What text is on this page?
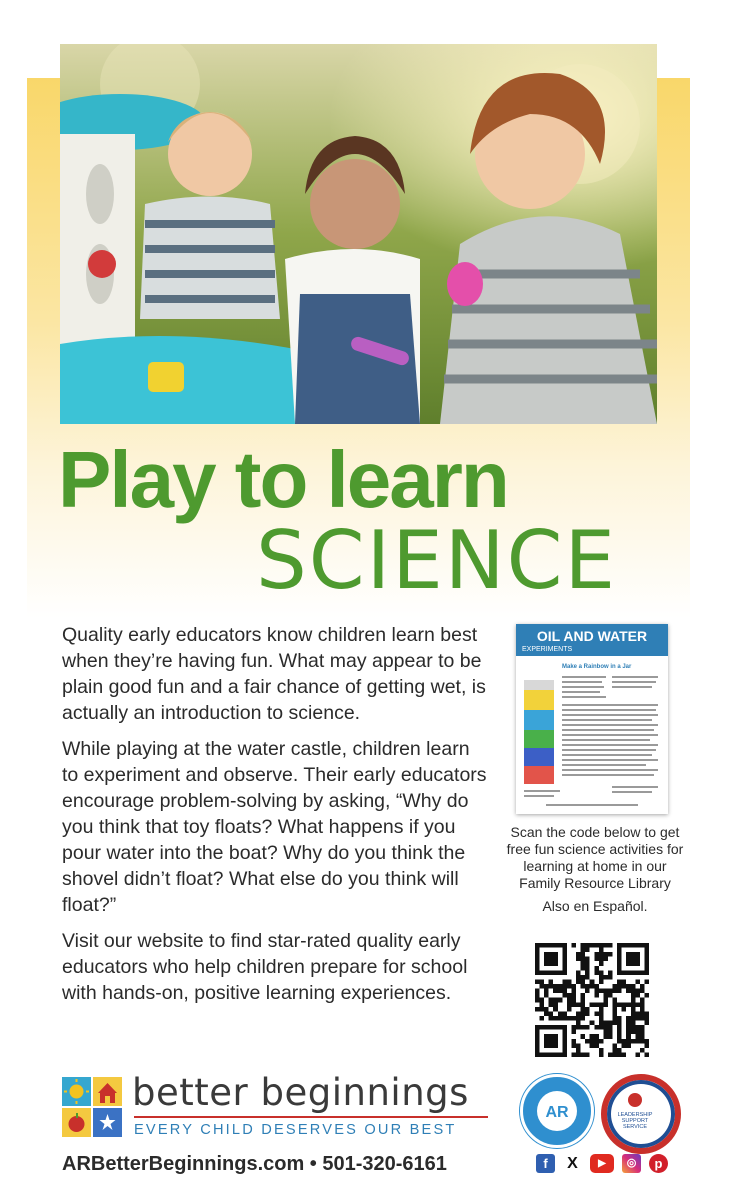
Play to learn
SCIENCE

Quality early educators know children learn best when they’re having fun. What may appear to be plain good fun and a fair chance of getting wet, is actually an introduction to science.

While playing at the water castle, children learn to experiment and observe. Their early educators encourage problem-solving by asking, “Why do you think that toy floats? What happens if you pour water into the boat? Why do you think the shovel didn’t float? What else do you think will float?”

Visit our website to find star-rated quality early educators who help children prepare for school with hands-on, positive learning experiences.

OIL AND WATER
EXPERIMENTS
Make a Rainbow in a Jar
Scan the code below to get free fun science activities for learning at home in our Family Resource Library
Also en Español.
better beginnings
EVERY CHILD DESERVES OUR BEST
ARBetterBeginnings.com • 501-320-6161
AR	LEADERSHIP
SUPPORT
SERVICE
f	X	▶	◎	p
